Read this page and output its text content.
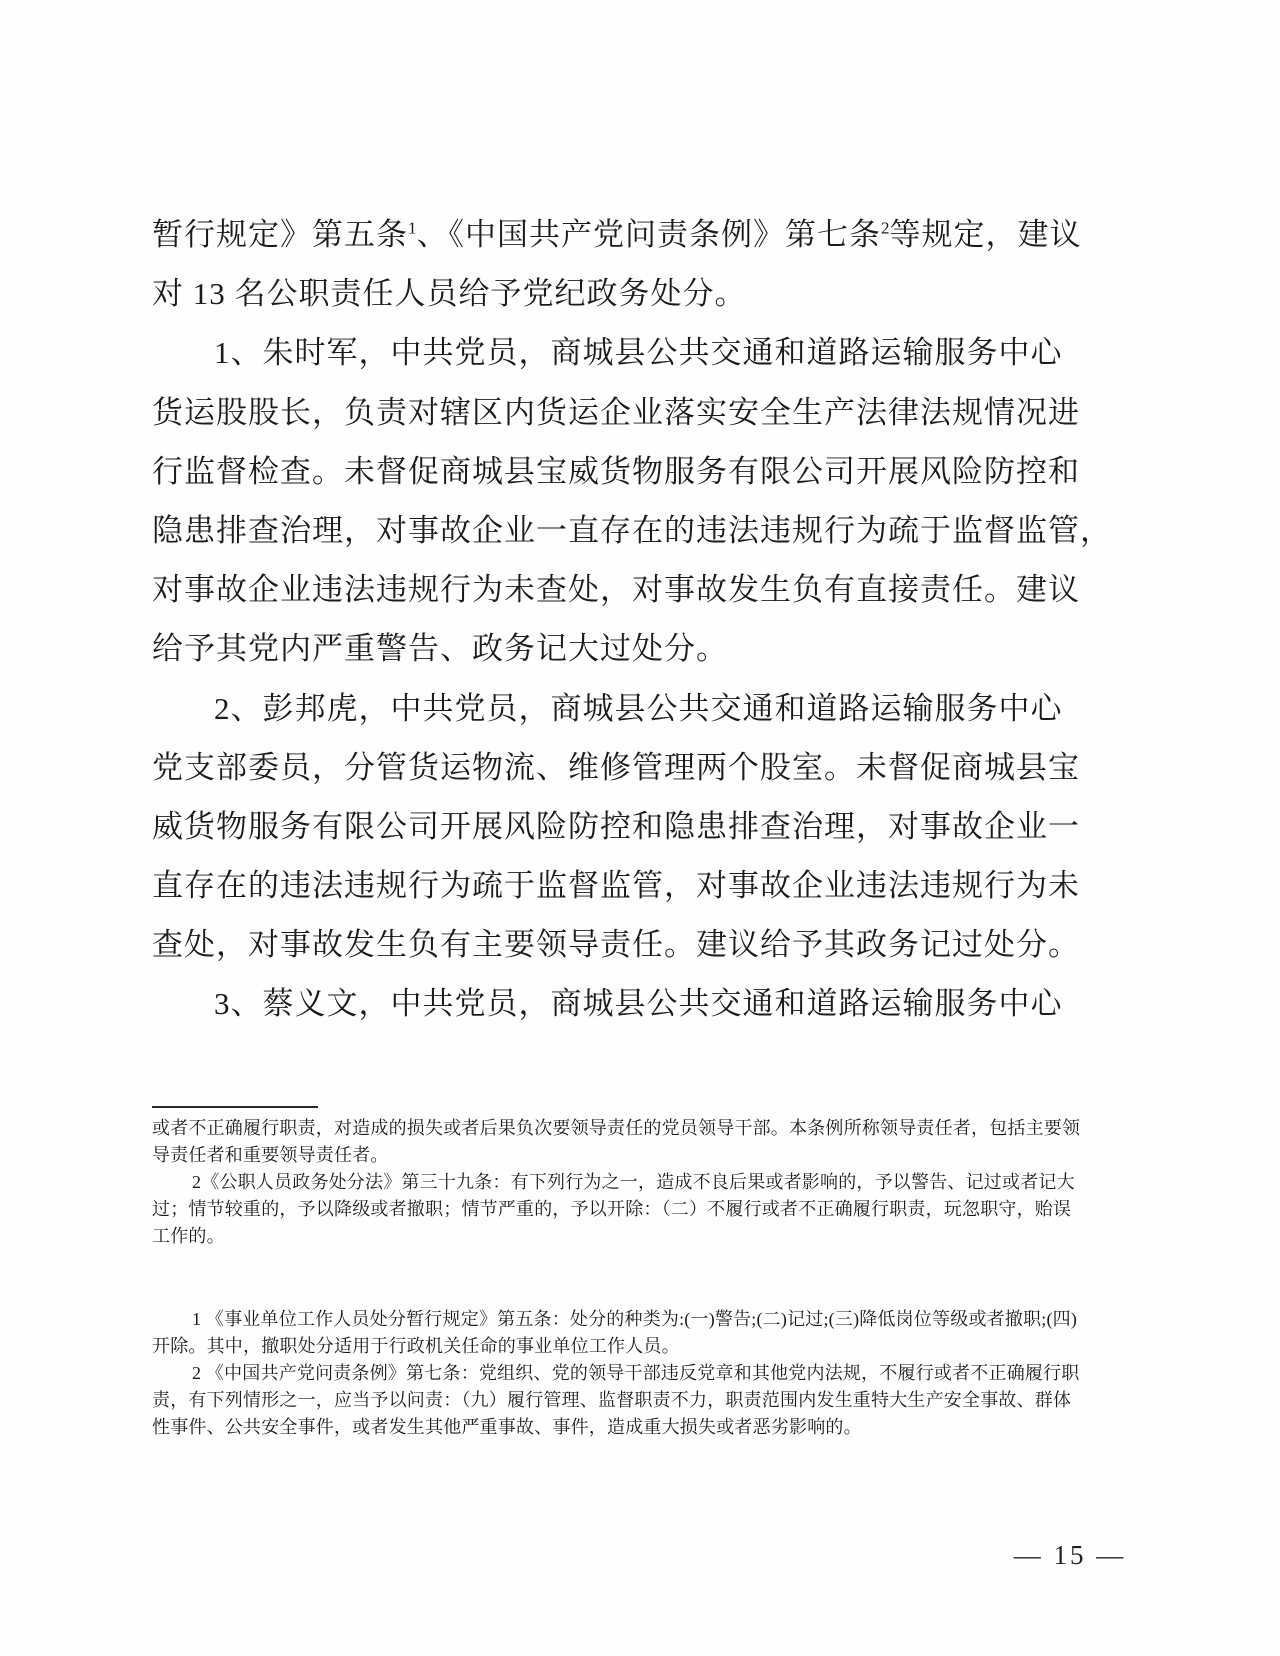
暂行规定》第五条$^1$、《中国共产党问责条例》第七条$^2$等规定，建议
对 13 名公职责任人员给予党纪政务处分。
1、朱时军，中共党员，商城县公共交通和道路运输服务中心
货运股股长，负责对辖区内货运企业落实安全生产法律法规情况进
行监督检查。未督促商城县宝威货物服务有限公司开展风险防控和
隐患排查治理，对事故企业一直存在的违法违规行为疏于监督监管，
对事故企业违法违规行为未查处，对事故发生负有直接责任。建议
给予其党内严重警告、政务记大过处分。
2、彭邦虎，中共党员，商城县公共交通和道路运输服务中心
党支部委员，分管货运物流、维修管理两个股室。未督促商城县宝
威货物服务有限公司开展风险防控和隐患排查治理，对事故企业一
直存在的违法违规行为疏于监督监管，对事故企业违法违规行为未
查处，对事故发生负有主要领导责任。建议给予其政务记过处分。
3、蔡义文，中共党员，商城县公共交通和道路运输服务中心
或者不正确履行职责，对造成的损失或者后果负次要领导责任的党员领导干部。本条例所称领导责任者，包括主要领
导责任者和重要领导责任者。
2《公职人员政务处分法》第三十九条：有下列行为之一，造成不良后果或者影响的，予以警告、记过或者记大
过；情节较重的，予以降级或者撤职；情节严重的，予以开除：（二）不履行或者不正确履行职责，玩忽职守，贻误
工作的。
1 《事业单位工作人员处分暂行规定》第五条：处分的种类为:(一)警告;(二)记过;(三)降低岗位等级或者撤职;(四)
开除。其中，撤职处分适用于行政机关任命的事业单位工作人员。
2 《中国共产党问责条例》第七条：党组织、党的领导干部违反党章和其他党内法规，不履行或者不正确履行职
责，有下列情形之一，应当予以问责：（九）履行管理、监督职责不力，职责范围内发生重特大生产安全事故、群体
性事件、公共安全事件，或者发生其他严重事故、事件，造成重大损失或者恶劣影响的。
— 15 —
